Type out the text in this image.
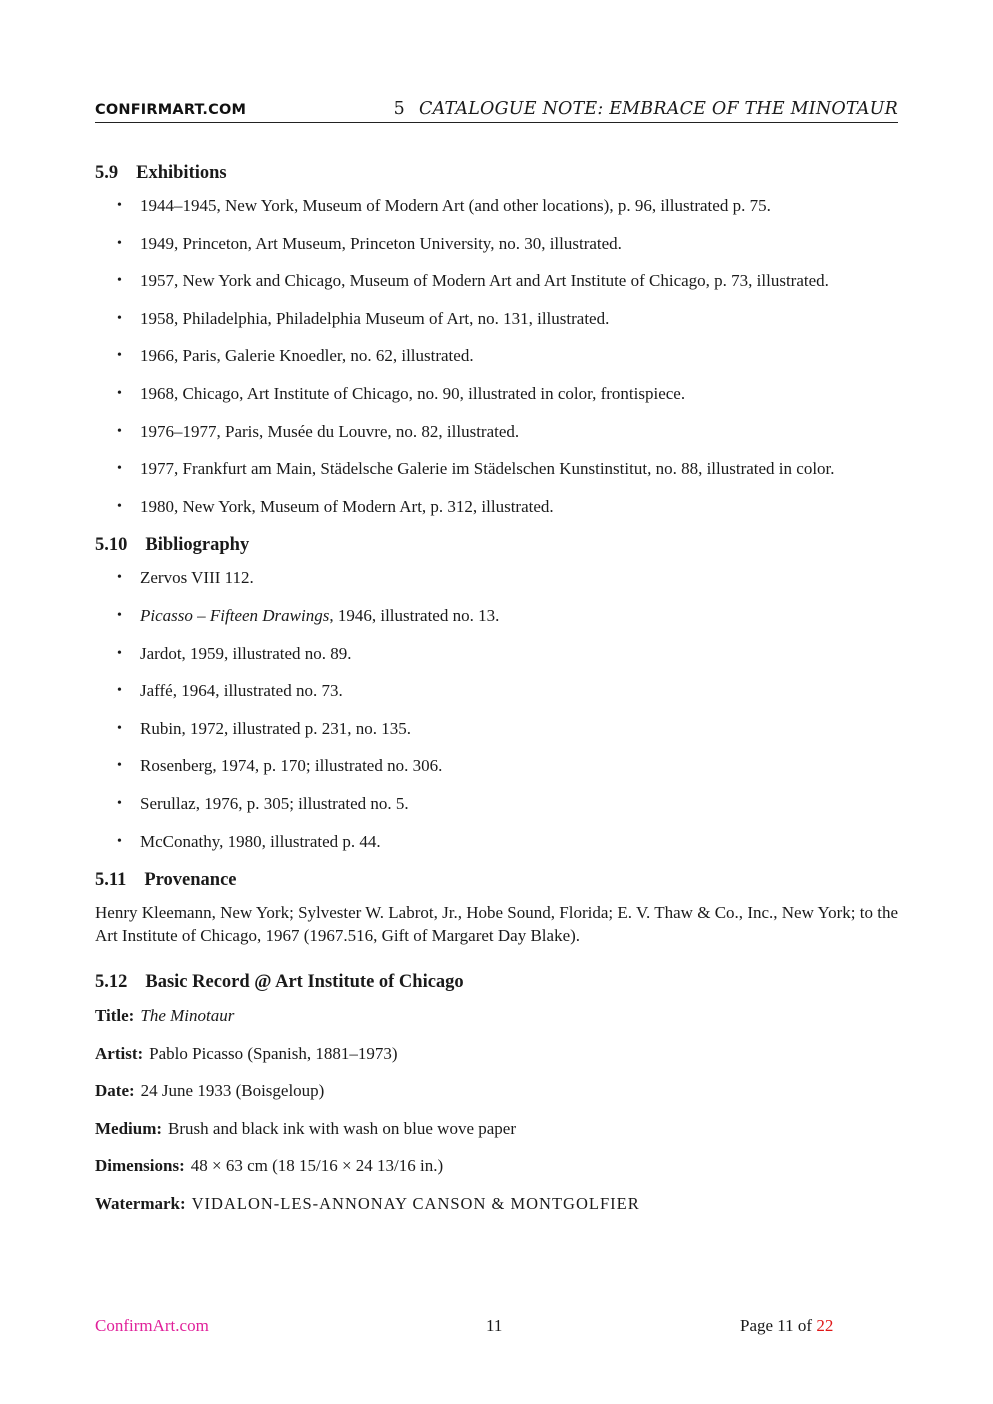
CONFIRMART.COM	5 CATALOGUE NOTE: EMBRACE OF THE MINOTAUR
5.9 Exhibitions
• 1944–1945, New York, Museum of Modern Art (and other locations), p. 96, illustrated p. 75.
• 1949, Princeton, Art Museum, Princeton University, no. 30, illustrated.
• 1957, New York and Chicago, Museum of Modern Art and Art Institute of Chicago, p. 73, illustrated.
• 1958, Philadelphia, Philadelphia Museum of Art, no. 131, illustrated.
• 1966, Paris, Galerie Knoedler, no. 62, illustrated.
• 1968, Chicago, Art Institute of Chicago, no. 90, illustrated in color, frontispiece.
• 1976–1977, Paris, Musée du Louvre, no. 82, illustrated.
• 1977, Frankfurt am Main, Städelsche Galerie im Städelschen Kunstinstitut, no. 88, illustrated in color.
• 1980, New York, Museum of Modern Art, p. 312, illustrated.
5.10 Bibliography
• Zervos VIII 112.
• Picasso – Fifteen Drawings, 1946, illustrated no. 13.
• Jardot, 1959, illustrated no. 89.
• Jaffé, 1964, illustrated no. 73.
• Rubin, 1972, illustrated p. 231, no. 135.
• Rosenberg, 1974, p. 170; illustrated no. 306.
• Serullaz, 1976, p. 305; illustrated no. 5.
• McConathy, 1980, illustrated p. 44.
5.11 Provenance

Henry Kleemann, New York; Sylvester W. Labrot, Jr., Hobe Sound, Florida; E. V. Thaw & Co., Inc., New York; to the Art Institute of Chicago, 1967 (1967.516, Gift of Margaret Day Blake).

5.12 Basic Record @ Art Institute of Chicago
Title: The Minotaur
Artist: Pablo Picasso (Spanish, 1881–1973)
Date: 24 June 1933 (Boisgeloup)
Medium: Brush and black ink with wash on blue wove paper
Dimensions: 48 × 63 cm (18 15/16 × 24 13/16 in.)
Watermark: VIDALON-LES-ANNONAY CANSON & MONTGOLFIER
ConfirmArt.com	11	Page 11 of 22
